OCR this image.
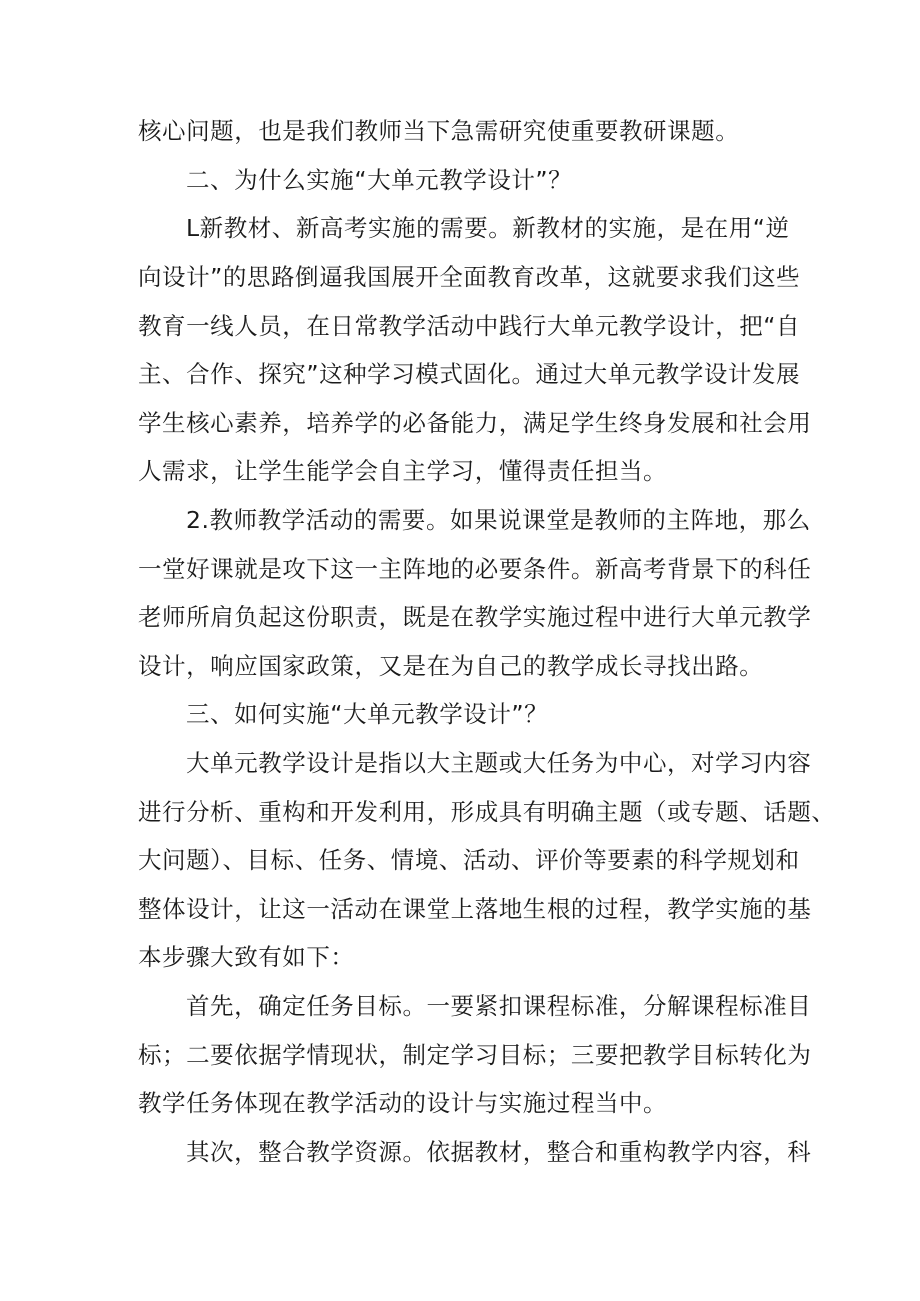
核心问题，也是我们教师当下急需研究使重要教研课题。
二、为什么实施“大单元教学设计”？
L新教材、新高考实施的需要。新教材的实施，是在用“逆
向设计”的思路倒逼我国展开全面教育改革，这就要求我们这些
教育一线人员，在日常教学活动中践行大单元教学设计，把“自
主、合作、探究”这种学习模式固化。通过大单元教学设计发展
学生核心素养，培养学的必备能力，满足学生终身发展和社会用
人需求，让学生能学会自主学习，懂得责任担当。
2.教师教学活动的需要。如果说课堂是教师的主阵地，那么
一堂好课就是攻下这一主阵地的必要条件。新高考背景下的科任
老师所肩负起这份职责，既是在教学实施过程中进行大单元教学
设计，响应国家政策，又是在为自己的教学成长寻找出路。
三、如何实施“大单元教学设计”？
大单元教学设计是指以大主题或大任务为中心，对学习内容
进行分析、重构和开发利用，形成具有明确主题（或专题、话题、
大问题）、目标、任务、情境、活动、评价等要素的科学规划和
整体设计，让这一活动在课堂上落地生根的过程，教学实施的基
本步骤大致有如下：
首先，确定任务目标。一要紧扣课程标准，分解课程标准目
标；二要依据学情现状，制定学习目标；三要把教学目标转化为
教学任务体现在教学活动的设计与实施过程当中。
其次，整合教学资源。依据教材，整合和重构教学内容，科
